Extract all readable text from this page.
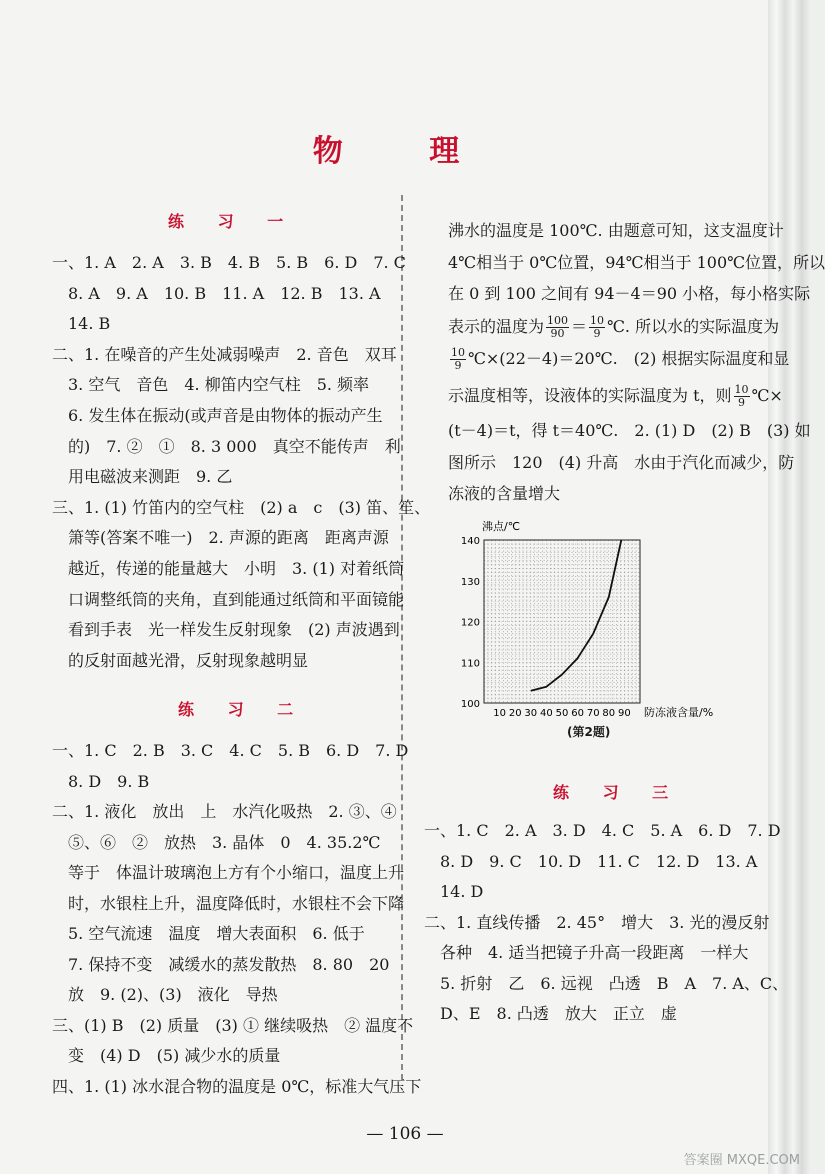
物 理
练 习 一
一、1. A　2. A　3. B　4. B　5. B　6. D　7. C
　8. A　9. A　10. B　11. A　12. B　13. A
　14. B
二、1. 在噪音的产生处减弱噪声　2. 音色　双耳
　3. 空气　音色　4. 柳笛内空气柱　5. 频率
　6. 发生体在振动(或声音是由物体的振动产生
　的)　7. ②　①　8. 3 000　真空不能传声　利
　用电磁波来测距　9. 乙
三、1. (1) 竹笛内的空气柱　(2) a　c　(3) 笛、笙、
　箫等(答案不唯一)　2. 声源的距离　距离声源
　越近，传递的能量越大　小明　3. (1) 对着纸筒
　口调整纸筒的夹角，直到能通过纸筒和平面镜能
　看到手表　光一样发生反射现象　(2) 声波遇到
　的反射面越光滑，反射现象越明显
练 习 二
一、1. C　2. B　3. C　4. C　5. B　6. D　7. D
　8. D　9. B
二、1. 液化　放出　上　水汽化吸热　2. ③、④
　⑤、⑥　②　放热　3. 晶体　0　4. 35.2℃
　等于　体温计玻璃泡上方有个小缩口，温度上升
　时，水银柱上升，温度降低时，水银柱不会下降
　5. 空气流速　温度　增大表面积　6. 低于
　7. 保持不变　减缓水的蒸发散热　8. 80　20
　放　9. (2)、(3)　液化　导热
三、(1) B　(2) 质量　(3) ① 继续吸热　② 温度不
　变　(4) D　(5) 减少水的质量
四、1. (1) 冰水混合物的温度是 0℃，标准大气压下
沸水的温度是 100℃. 由题意可知，这支温度计
4℃相当于 0℃位置，94℃相当于 100℃位置，所以
在 0 到 100 之间有 94－4＝90 小格，每小格实际
表示的温度为 $\frac{100}{90} = \frac{10}{9}$ ℃. 所以水的实际温度为
$\frac{10}{9}$ ℃×(22－4)＝20℃.　(2) 根据实际温度和显
示温度相等，设液体的实际温度为 t，则 $\frac{10}{9}$ ℃×
(t－4)＝t，得 t＝40℃.　2. (1) D　(2) B　(3) 如
图所示　120　(4) 升高　水由于汽化而减少，防
冻液的含量增大
10 20 30 40 50 60 70 80 90
100
110
120
130
140
沸点/℃
防冻液含量/%
(第2题)
练 习 三
一、1. C　2. A　3. D　4. C　5. A　6. D　7. D
　8. D　9. C　10. D　11. C　12. D　13. A
　14. D
二、1. 直线传播　2. 45°　增大　3. 光的漫反射
　各种　4. 适当把镜子升高一段距离　一样大
　5. 折射　乙　6. 远视　凸透　B　A　7. A、C、
　D、E　8. 凸透　放大　正立　虚
— 106 —
答案圈 MXQE.COM
